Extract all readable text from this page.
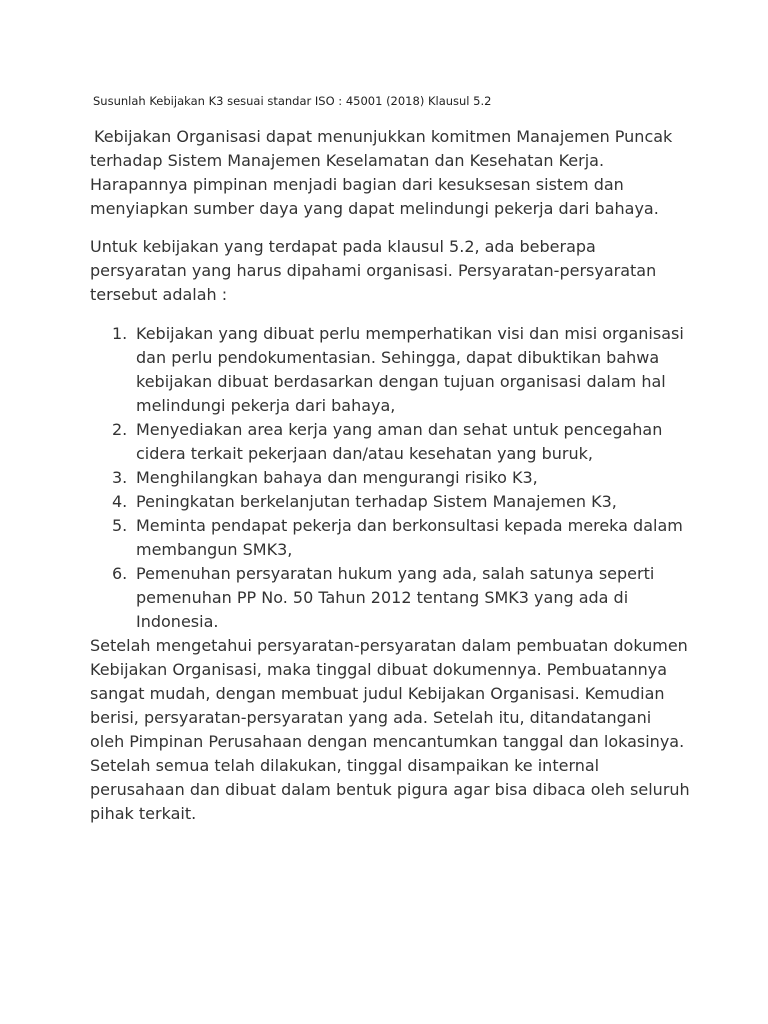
Susunlah Kebijakan K3 sesuai standar ISO : 45001 (2018) Klausul 5.2

Kebijakan Organisasi dapat menunjukkan komitmen Manajemen Puncak terhadap Sistem Manajemen Keselamatan dan Kesehatan Kerja. Harapannya pimpinan menjadi bagian dari kesuksesan sistem dan menyiapkan sumber daya yang dapat melindungi pekerja dari bahaya.

Untuk kebijakan yang terdapat pada klausul 5.2, ada beberapa persyaratan yang harus dipahami organisasi. Persyaratan-persyaratan tersebut adalah :

1. Kebijakan yang dibuat perlu memperhatikan visi dan misi organisasi dan perlu pendokumentasian. Sehingga, dapat dibuktikan bahwa kebijakan dibuat berdasarkan dengan tujuan organisasi dalam hal melindungi pekerja dari bahaya,
2. Menyediakan area kerja yang aman dan sehat untuk pencegahan cidera terkait pekerjaan dan/atau kesehatan yang buruk,
3. Menghilangkan bahaya dan mengurangi risiko K3,
4. Peningkatan berkelanjutan terhadap Sistem Manajemen K3,
5. Meminta pendapat pekerja dan berkonsultasi kepada mereka dalam membangun SMK3,
6. Pemenuhan persyaratan hukum yang ada, salah satunya seperti pemenuhan PP No. 50 Tahun 2012 tentang SMK3 yang ada di Indonesia.

Setelah mengetahui persyaratan-persyaratan dalam pembuatan dokumen Kebijakan Organisasi, maka tinggal dibuat dokumennya. Pembuatannya sangat mudah, dengan membuat judul Kebijakan Organisasi. Kemudian berisi, persyaratan-persyaratan yang ada. Setelah itu, ditandatangani oleh Pimpinan Perusahaan dengan mencantumkan tanggal dan lokasinya. Setelah semua telah dilakukan, tinggal disampaikan ke internal perusahaan dan dibuat dalam bentuk pigura agar bisa dibaca oleh seluruh pihak terkait.
